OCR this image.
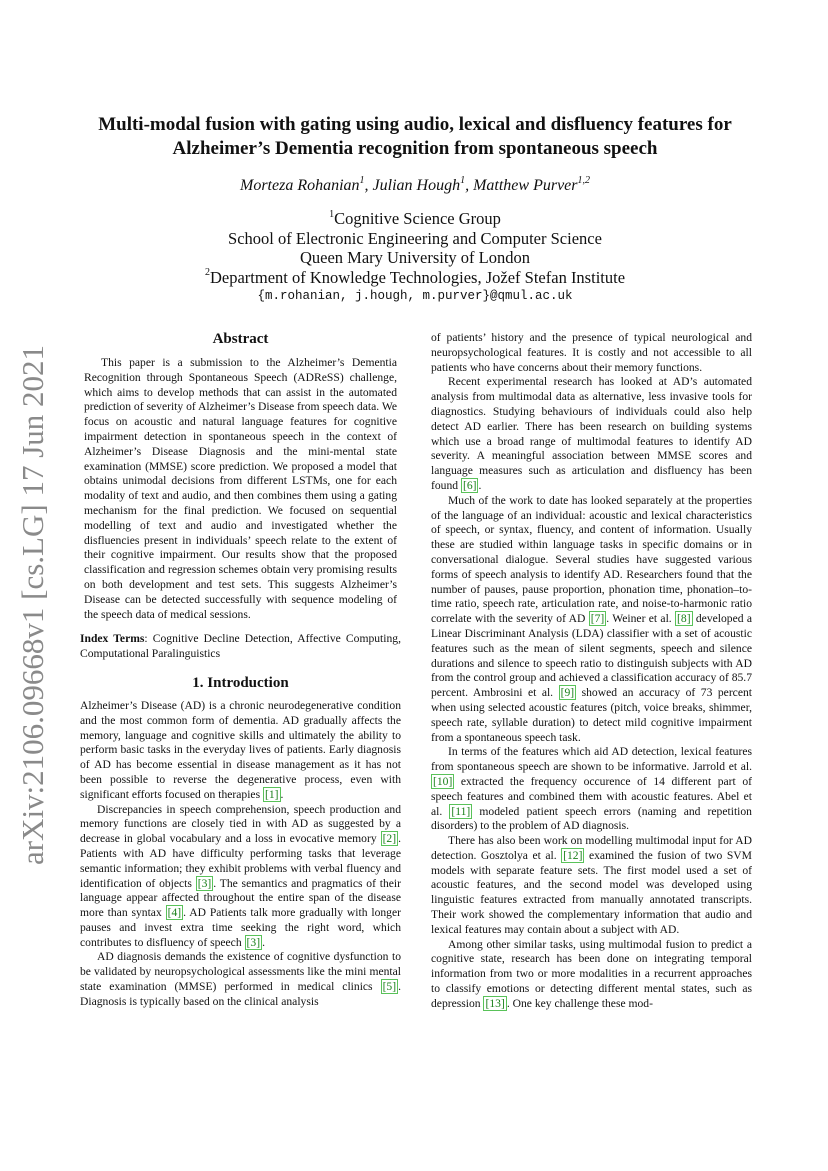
arXiv:2106.09668v1 [cs.LG] 17 Jun 2021
Multi-modal fusion with gating using audio, lexical and disfluency features for Alzheimer’s Dementia recognition from spontaneous speech
Morteza Rohanian$^1$, Julian Hough$^1$, Matthew Purver$^{1,2}$
$^1$Cognitive Science Group
School of Electronic Engineering and Computer Science
Queen Mary University of London
$^2$Department of Knowledge Technologies, Jožef Stefan Institute
{m.rohanian, j.hough, m.purver}@qmul.ac.uk
Abstract

This paper is a submission to the Alzheimer’s Dementia Recognition through Spontaneous Speech (ADReSS) challenge, which aims to develop methods that can assist in the automated prediction of severity of Alzheimer’s Disease from speech data. We focus on acoustic and natural language features for cognitive impairment detection in spontaneous speech in the context of Alzheimer’s Disease Diagnosis and the mini-mental state examination (MMSE) score prediction. We proposed a model that obtains unimodal decisions from different LSTMs, one for each modality of text and audio, and then combines them using a gating mechanism for the final prediction. We focused on sequential modelling of text and audio and investigated whether the disfluencies present in individuals’ speech relate to the extent of their cognitive impairment. Our results show that the proposed classification and regression schemes obtain very promising results on both development and test sets. This suggests Alzheimer’s Disease can be detected successfully with sequence modeling of the speech data of medical sessions.

Index Terms: Cognitive Decline Detection, Affective Computing, Computational Paralinguistics

1. Introduction

Alzheimer’s Disease (AD) is a chronic neurodegenerative condition and the most common form of dementia. AD gradually affects the memory, language and cognitive skills and ultimately the ability to perform basic tasks in the everyday lives of patients. Early diagnosis of AD has become essential in disease management as it has not been possible to reverse the degenerative process, even with significant efforts focused on therapies [1] .

Discrepancies in speech comprehension, speech production and memory functions are closely tied in with AD as suggested by a decrease in global vocabulary and a loss in evocative memory [2] . Patients with AD have difficulty performing tasks that leverage semantic information; they exhibit problems with verbal fluency and identification of objects [3] . The semantics and pragmatics of their language appear affected throughout the entire span of the disease more than syntax [4] . AD Patients talk more gradually with longer pauses and invest extra time seeking the right word, which contributes to disfluency of speech [3] .

AD diagnosis demands the existence of cognitive dysfunction to be validated by neuropsychological assessments like the mini mental state examination (MMSE) performed in medical clinics [5] . Diagnosis is typically based on the clinical analysis

of patients’ history and the presence of typical neurological and neuropsychological features. It is costly and not accessible to all patients who have concerns about their memory functions.

Recent experimental research has looked at AD’s automated analysis from multimodal data as alternative, less invasive tools for diagnostics. Studying behaviours of individuals could also help detect AD earlier. There has been research on building systems which use a broad range of multimodal features to identify AD severity. A meaningful association between MMSE scores and language measures such as articulation and disfluency has been found [6] .

Much of the work to date has looked separately at the properties of the language of an individual: acoustic and lexical characteristics of speech, or syntax, fluency, and content of information. Usually these are studied within language tasks in specific domains or in conversational dialogue. Several studies have suggested various forms of speech analysis to identify AD. Researchers found that the number of pauses, pause proportion, phonation time, phonation–to-time ratio, speech rate, articulation rate, and noise-to-harmonic ratio correlate with the severity of AD [7] . Weiner et al. [8] developed a Linear Discriminant Analysis (LDA) classifier with a set of acoustic features such as the mean of silent segments, speech and silence durations and silence to speech ratio to distinguish subjects with AD from the control group and achieved a classification accuracy of 85.7 percent. Ambrosini et al. [9] showed an accuracy of 73 percent when using selected acoustic features (pitch, voice breaks, shimmer, speech rate, syllable duration) to detect mild cognitive impairment from a spontaneous speech task.

In terms of the features which aid AD detection, lexical features from spontaneous speech are shown to be informative. Jarrold et al. [10] extracted the frequency occurence of 14 different part of speech features and combined them with acoustic features. Abel et al. [11] modeled patient speech errors (naming and repetition disorders) to the problem of AD diagnosis.

There has also been work on modelling multimodal input for AD detection. Gosztolya et al. [12] examined the fusion of two SVM models with separate feature sets. The first model used a set of acoustic features, and the second model was developed using linguistic features extracted from manually annotated transcripts. Their work showed the complementary information that audio and lexical features may contain about a subject with AD.

Among other similar tasks, using multimodal fusion to predict a cognitive state, research has been done on integrating temporal information from two or more modalities in a recurrent approaches to classify emotions or detecting different mental states, such as depression [13] . One key challenge these mod-
